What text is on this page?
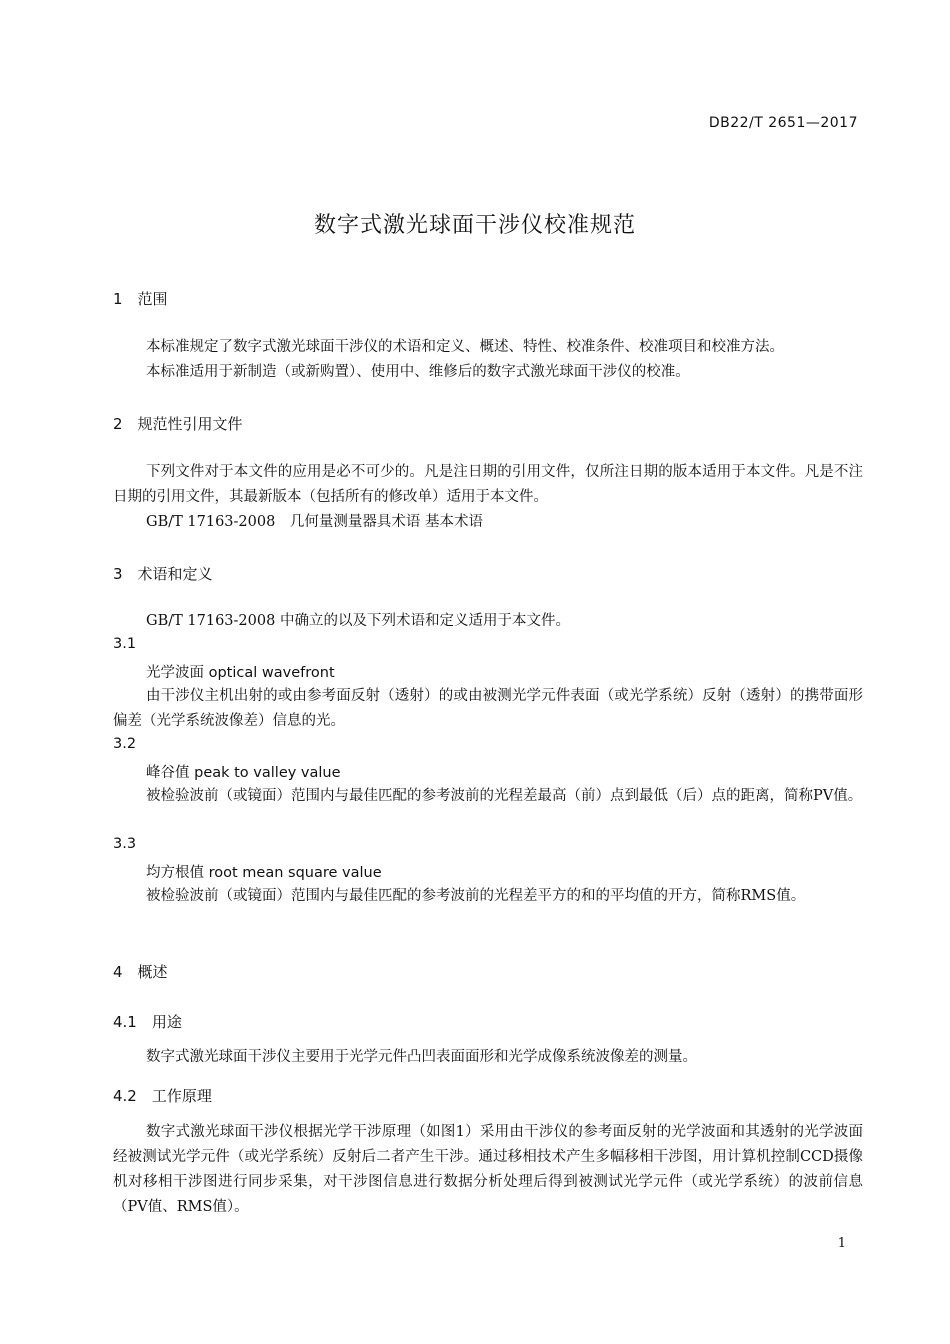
DB22/T 2651—2017
数字式激光球面干涉仪校准规范
1　范围
本标准规定了数字式激光球面干涉仪的术语和定义、概述、特性、校准条件、校准项目和校准方法。
本标准适用于新制造（或新购置）、使用中、维修后的数字式激光球面干涉仪的校准。
2　规范性引用文件
下列文件对于本文件的应用是必不可少的。凡是注日期的引用文件，仅所注日期的版本适用于本文件。凡是不注日期的引用文件，其最新版本（包括所有的修改单）适用于本文件。
GB/T 17163-2008　几何量测量器具术语 基本术语
3　术语和定义
GB/T 17163-2008 中确立的以及下列术语和定义适用于本文件。
3.1
光学波面 optical wavefront
由干涉仪主机出射的或由参考面反射（透射）的或由被测光学元件表面（或光学系统）反射（透射）的携带面形偏差（光学系统波像差）信息的光。
3.2
峰谷值 peak to valley value
被检验波前（或镜面）范围内与最佳匹配的参考波前的光程差最高（前）点到最低（后）点的距离，简称PV值。
3.3
均方根值 root mean square value
被检验波前（或镜面）范围内与最佳匹配的参考波前的光程差平方的和的平均值的开方，简称RMS值。
4　概述
4.1　用途
数字式激光球面干涉仪主要用于光学元件凸凹表面面形和光学成像系统波像差的测量。
4.2　工作原理
数字式激光球面干涉仪根据光学干涉原理（如图1）采用由干涉仪的参考面反射的光学波面和其透射的光学波面经被测试光学元件（或光学系统）反射后二者产生干涉。通过移相技术产生多幅移相干涉图，用计算机控制CCD摄像机对移相干涉图进行同步采集，对干涉图信息进行数据分析处理后得到被测试光学元件（或光学系统）的波前信息（PV值、RMS值）。
1
